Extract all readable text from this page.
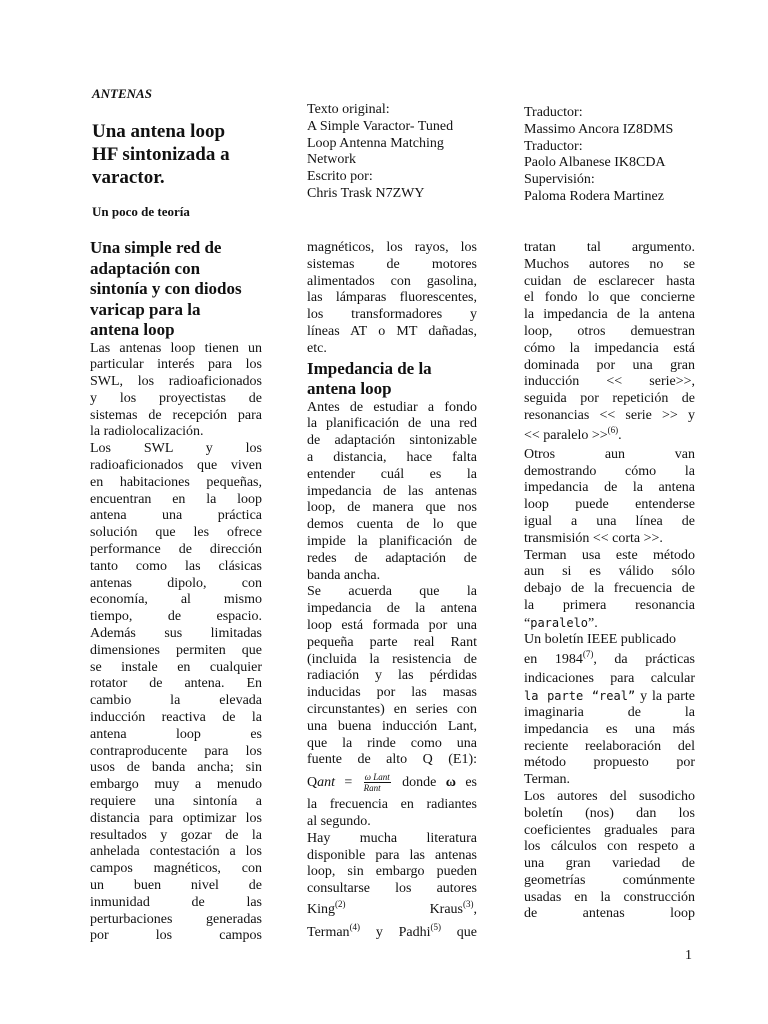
ANTENAS
Una antena loop
HF sintonizada a
varactor.
Un poco de teoría
Texto original:
A Simple Varactor- Tuned
Loop Antenna Matching
Network
Escrito por:
Chris Trask N7ZWY
Traductor:
Massimo Ancora IZ8DMS
Traductor:
Paolo Albanese IK8CDA
Supervisión:
Paloma Rodera Martinez
Una simple red de
adaptación con
sintonía y con diodos
varicap para la
antena loop
Las antenas loop tienen un
particular interés para los
SWL, los radioaficionados
y los proyectistas de
sistemas de recepción para
la radiolocalización.
Los SWL y los
radioaficionados que viven
en habitaciones pequeñas,
encuentran en la loop
antena una práctica
solución que les ofrece
performance de dirección
tanto como las clásicas
antenas dipolo, con
economía, al mismo
tiempo, de espacio.
Además sus limitadas
dimensiones permiten que
se instale en cualquier
rotator de antena. En
cambio la elevada
inducción reactiva de la
antena loop es
contraproducente para los
usos de banda ancha; sin
embargo muy a menudo
requiere una sintonía a
distancia para optimizar los
resultados y gozar de la
anhelada contestación a los
campos magnéticos, con
un buen nivel de
inmunidad de las
perturbaciones generadas
por los campos
magnéticos, los rayos, los
sistemas de motores
alimentados con gasolina,
las lámparas fluorescentes,
los transformadores y
líneas AT o MT dañadas,
etc.
Impedancia de la
antena loop
Antes de estudiar a fondo
la planificación de una red
de adaptación sintonizable
a distancia, hace falta
entender cuál es la
impedancia de las antenas
loop, de manera que nos
demos cuenta de lo que
impide la planificación de
redes de adaptación de
banda ancha.
Se acuerda que la
impedancia de la antena
loop está formada por una
pequeña parte real Rant
(incluida la resistencia de
radiación y las pérdidas
inducidas por las masas
circunstantes) en series con
una buena inducción Lant,
que la rinde como una
fuente de alto Q (E1):
Qant = $\frac{\text{ω Lant}}{\text{Rant}}$ donde ω es
la frecuencia en radiantes
al segundo.
Hay mucha literatura
disponible para las antenas
loop, sin embargo pueden
consultarse los autores
King$^{(2)}$	Kraus$^{(3)}$,
Terman$^{(4)}$ y Padhi$^{(5)}$ que
tratan tal argumento.
Muchos autores no se
cuidan de esclarecer hasta
el fondo lo que concierne
la impedancia de la antena
loop, otros demuestran
cómo la impedancia está
dominada por una gran
inducción << serie>>,
seguida por repetición de
resonancias << serie >> y
<< paralelo >>$^{(6)}$.
Otros aun van
demostrando cómo la
impedancia de la antena
loop puede entenderse
igual a una línea de
transmisión << corta >>.
Terman usa este método
aun si es válido sólo
debajo de la frecuencia de
la primera resonancia
“paralelo”.
Un boletín IEEE publicado
en 1984$^{(7)}$, da prácticas
indicaciones para calcular
la parte “real” y la parte
imaginaria de la
impedancia es una más
reciente reelaboración del
método propuesto por
Terman.
Los autores del susodicho
boletín (nos) dan los
coeficientes graduales para
los cálculos con respeto a
una gran variedad de
geometrías comúnmente
usadas en la construcción
de antenas loop
1
